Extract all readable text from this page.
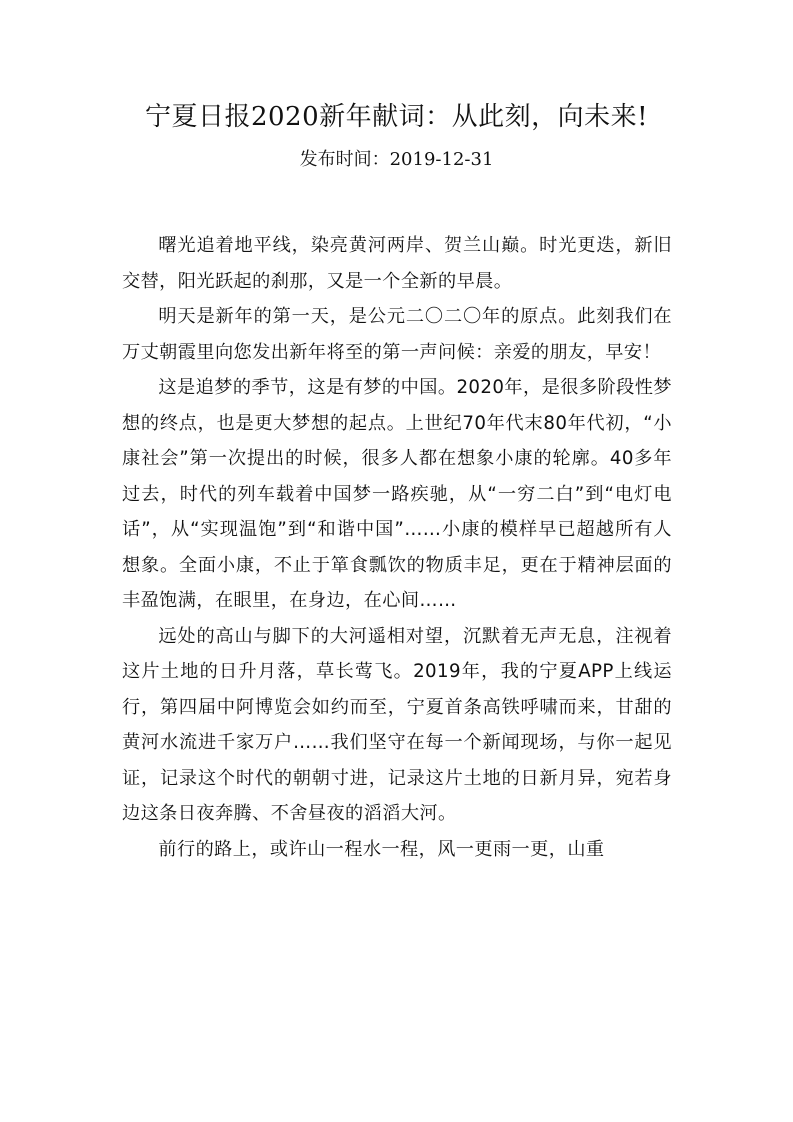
宁夏日报2020新年献词：从此刻，向未来!
发布时间：2019-12-31

曙光追着地平线，染亮黄河两岸、贺兰山巅。时光更迭，新旧交替，阳光跃起的刹那，又是一个全新的早晨。

明天是新年的第一天，是公元二〇二〇年的原点。此刻我们在万丈朝霞里向您发出新年将至的第一声问候：亲爱的朋友，早安！

这是追梦的季节，这是有梦的中国。2020年，是很多阶段性梦想的终点，也是更大梦想的起点。上世纪70年代末80年代初，“小康社会”第一次提出的时候，很多人都在想象小康的轮廓。40多年过去，时代的列车载着中国梦一路疾驰，从“一穷二白”到“电灯电话”，从“实现温饱”到“和谐中国”……小康的模样早已超越所有人想象。全面小康，不止于箪食瓢饮的物质丰足，更在于精神层面的丰盈饱满，在眼里，在身边，在心间……

远处的高山与脚下的大河遥相对望，沉默着无声无息，注视着这片土地的日升月落，草长莺飞。2019年，我的宁夏APP上线运行，第四届中阿博览会如约而至，宁夏首条高铁呼啸而来，甘甜的黄河水流进千家万户……我们坚守在每一个新闻现场，与你一起见证，记录这个时代的朝朝寸进，记录这片土地的日新月异，宛若身边这条日夜奔腾、不舍昼夜的滔滔大河。

前行的路上，或许山一程水一程，风一更雨一更，山重
